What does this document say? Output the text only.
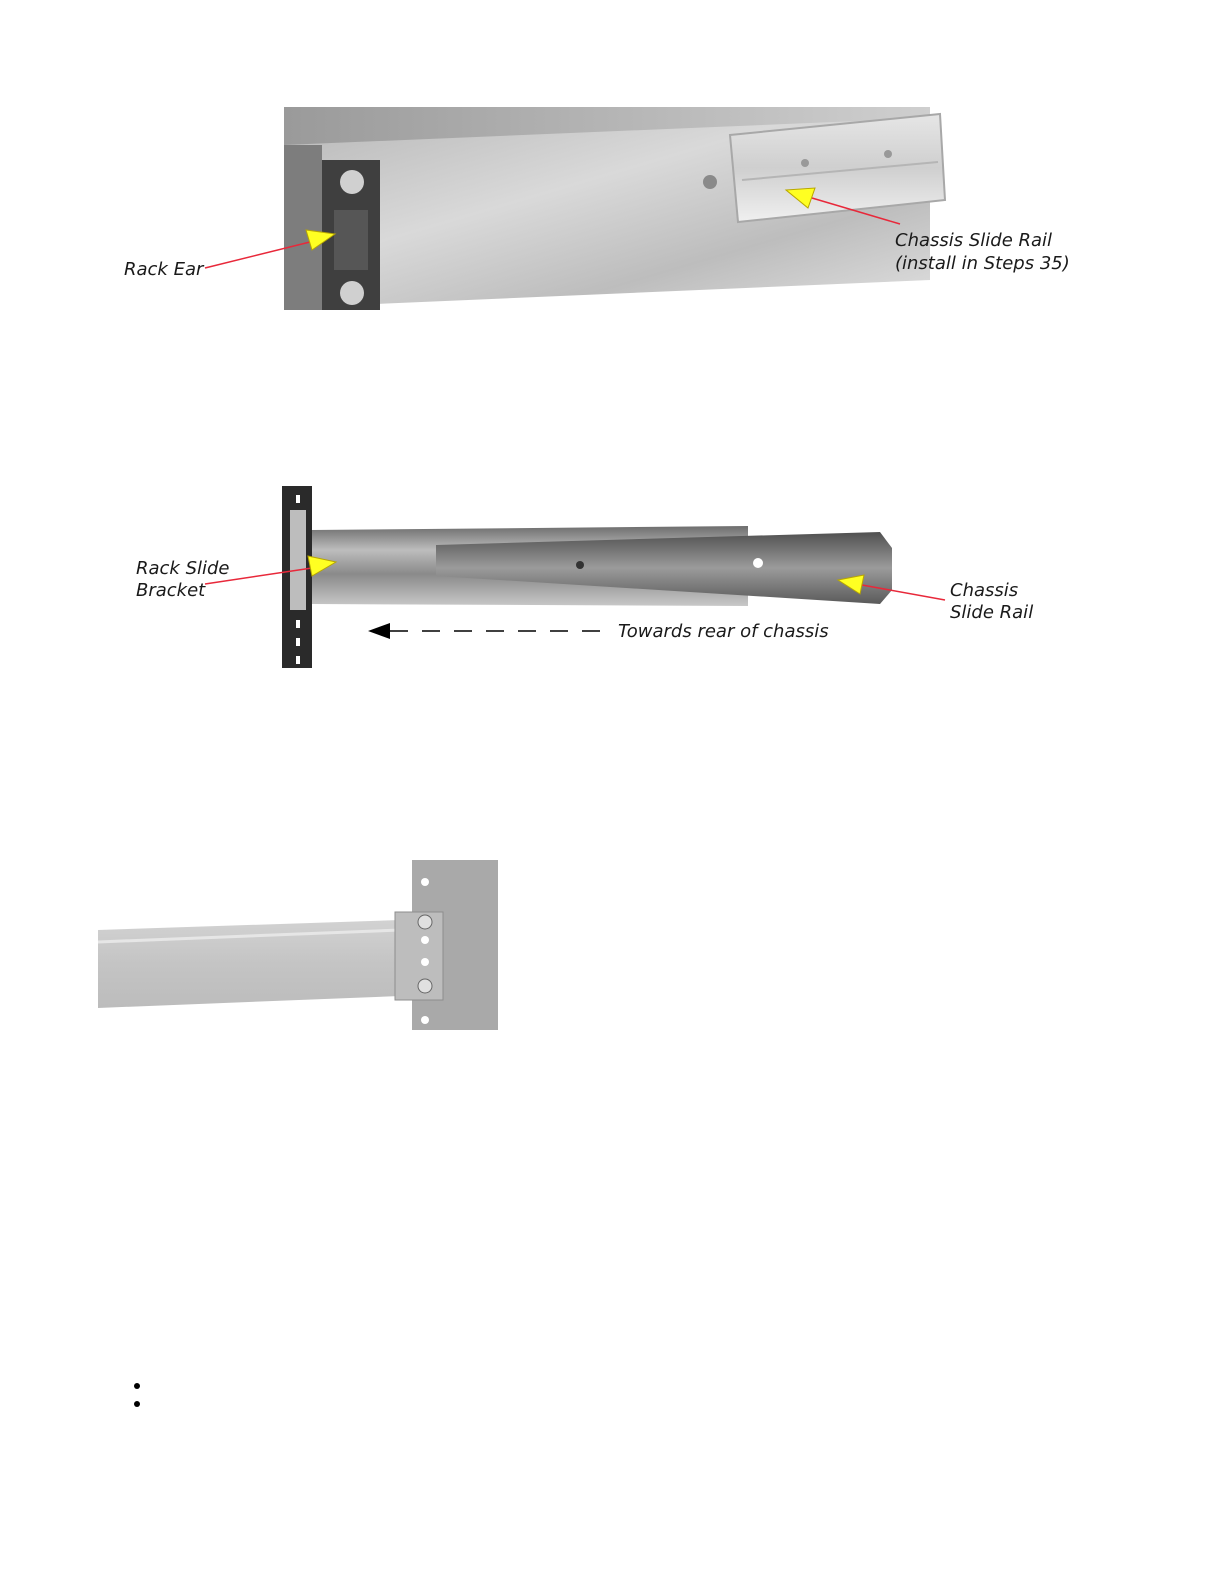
Rack Ear
Chassis Slide Rail
(install in Steps 35)
Rack Slide
Bracket	Chassis
Slide Rail
Towards rear of chassis
